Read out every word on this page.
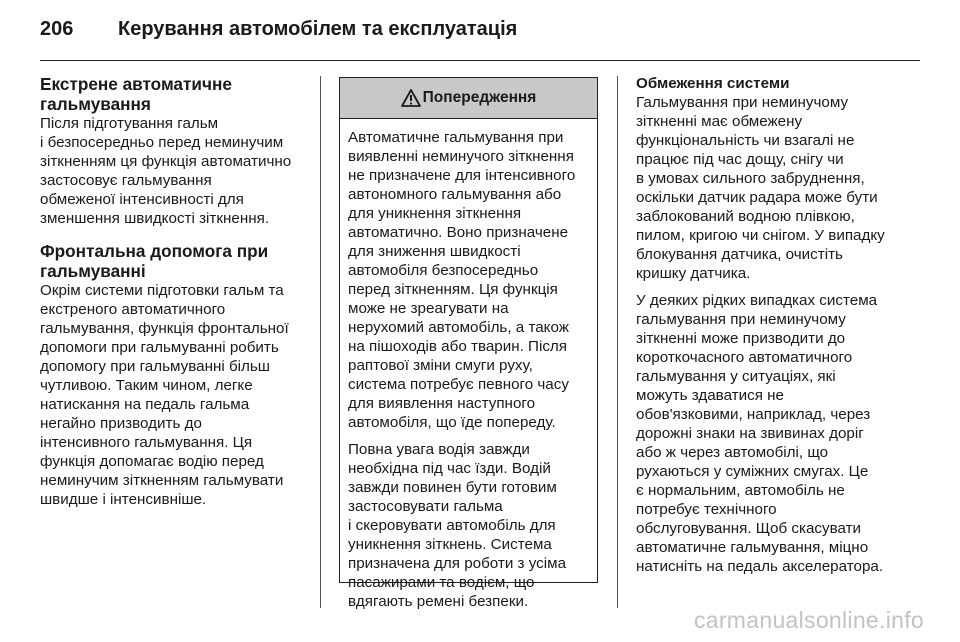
206 Керування автомобілем та експлуатація
Екстрене автоматичне
гальмування

Після підготування гальм
і безпосередньо перед неминучим
зіткненням ця функція автоматично
застосовує гальмування
обмеженої інтенсивності для
зменшення швидкості зіткнення.

Фронтальна допомога при
гальмуванні

Окрім системи підготовки гальм та
екстреного автоматичного
гальмування, функція фронтальної
допомоги при гальмуванні робить
допомогу при гальмуванні більш
чутливою. Таким чином, легке
натискання на педаль гальма
негайно призводить до
інтенсивного гальмування. Ця
функція допомагає водію перед
неминучим зіткненням гальмувати
швидше і інтенсивніше.

Попередження

Автоматичне гальмування при
виявленні неминучого зіткнення
не призначене для інтенсивного
автономного гальмування або
для уникнення зіткнення
автоматично. Воно призначене
для зниження швидкості
автомобіля безпосередньо
перед зіткненням. Ця функція
може не зреагувати на
нерухомий автомобіль, а також
на пішоходів або тварин. Після
раптової зміни смуги руху,
система потребує певного часу
для виявлення наступного
автомобіля, що їде попереду.

Повна увага водія завжди
необхідна під час їзди. Водій
завжди повинен бути готовим
застосовувати гальма
і скеровувати автомобіль для
уникнення зіткнень. Система
призначена для роботи з усіма
пасажирами та водієм, що
вдягають ремені безпеки.

Обмеження системи

Гальмування при неминучому
зіткненні має обмежену
функціональність чи взагалі не
працює під час дощу, снігу чи
в умовах сильного забруднення,
оскільки датчик радара може бути
заблокований водною плівкою,
пилом, кригою чи снігом. У випадку
блокування датчика, очистіть
кришку датчика.

У деяких рідких випадках система
гальмування при неминучому
зіткненні може призводити до
короткочасного автоматичного
гальмування у ситуаціях, які
можуть здаватися не
обов'язковими, наприклад, через
дорожні знаки на звивинах доріг
або ж через автомобілі, що
рухаються у суміжних смугах. Це
є нормальним, автомобіль не
потребує технічного
обслуговування. Щоб скасувати
автоматичне гальмування, міцно
натисніть на педаль акселератора.

carmanualsonline.info
